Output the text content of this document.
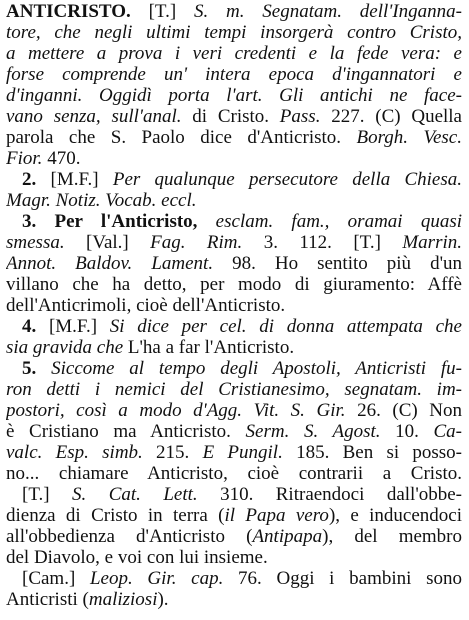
ANTICRISTO. [T.] S. m. Segnatam. dell'Inganna-
tore, che negli ultimi tempi insorgerà contro Cristo,
a mettere a prova i veri credenti e la fede vera: e
forse comprende un' intera epoca d'ingannatori e
d'inganni. Oggidì porta l'art. Gli antichi ne face-
vano senza, sull'anal. di Cristo. Pass. 227. (C) Quella
parola che S. Paolo dice d'Anticristo. Borgh. Vesc.
Fior. 470.
2. [M.F.] Per qualunque persecutore della Chiesa.
Magr. Notiz. Vocab. eccl.
3. Per l'Anticristo, esclam. fam., oramai quasi
smessa. [Val.] Fag. Rim. 3. 112. [T.] Marrin.
Annot. Baldov. Lament. 98. Ho sentito più d'un
villano che ha detto, per modo di giuramento: Affè
dell'Anticrimoli, cioè dell'Anticristo.
4. [M.F.] Si dice per cel. di donna attempata che
sia gravida che L'ha a far l'Anticristo.
5. Siccome al tempo degli Apostoli, Anticristi fu-
ron detti i nemici del Cristianesimo, segnatam. im-
postori, così a modo d'Agg. Vit. S. Gir. 26. (C) Non
è Cristiano ma Anticristo. Serm. S. Agost. 10. Ca-
valc. Esp. simb. 215. E Pungil. 185. Ben si posso-
no... chiamare Anticristo, cioè contrarii a Cristo.
[T.] S. Cat. Lett. 310. Ritraendoci dall'obbe-
dienza di Cristo in terra (il Papa vero), e inducendoci
all'obbedienza d'Anticristo (Antipapa), del membro
del Diavolo, e voi con lui insieme.
[Cam.] Leop. Gir. cap. 76. Oggi i bambini sono
Anticristi (maliziosi).
